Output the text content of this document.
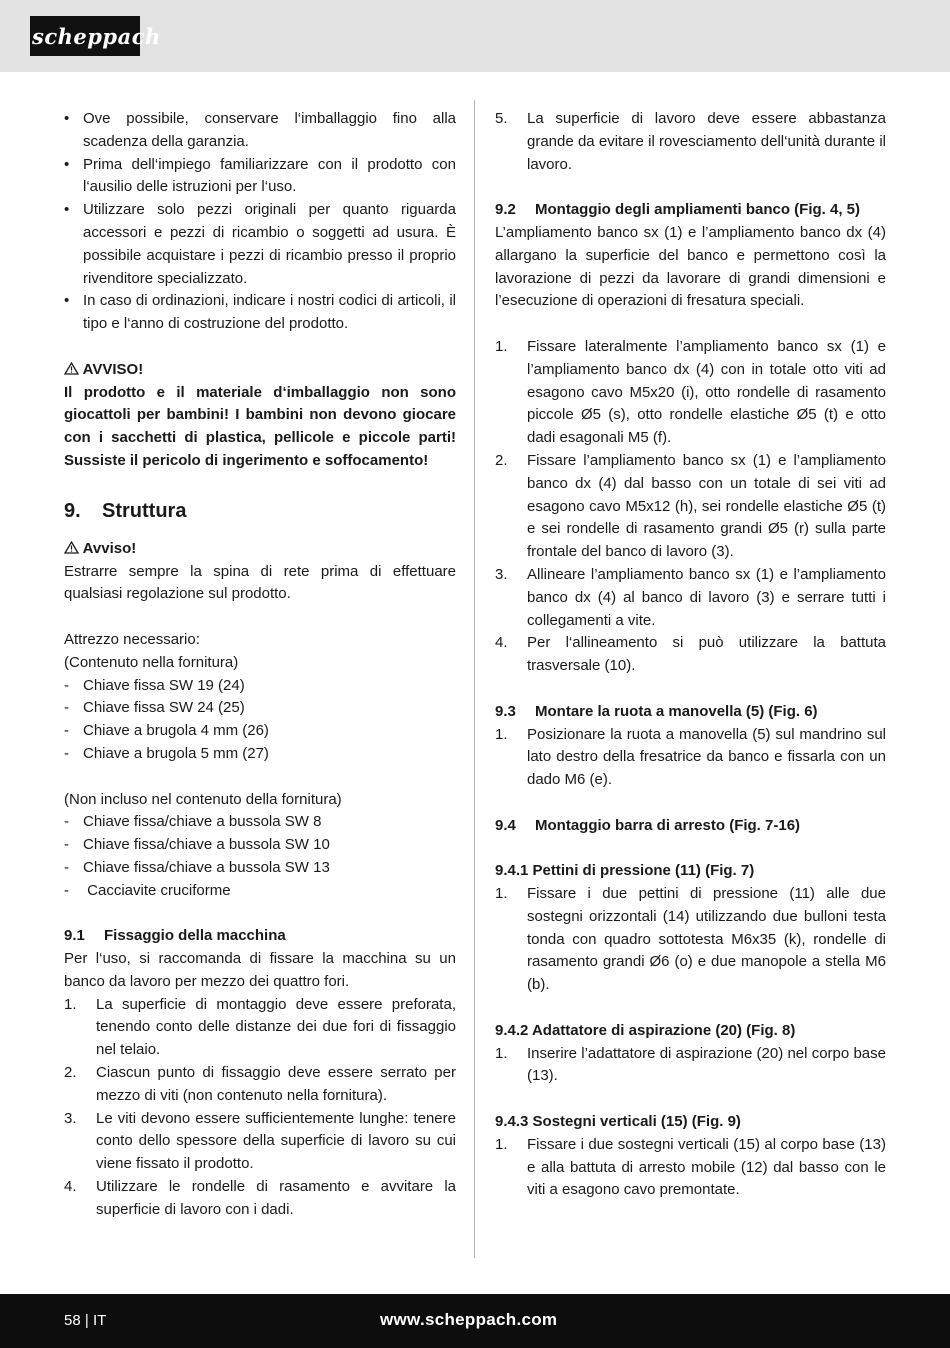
scheppach
• Ove possibile, conservare l‘imballaggio fino alla scadenza della garanzia.
• Prima dell‘impiego familiarizzare con il prodotto con l‘ausilio delle istruzioni per l‘uso.
• Utilizzare solo pezzi originali per quanto riguarda accessori e pezzi di ricambio o soggetti ad usura. È possibile acquistare i pezzi di ricambio presso il proprio rivenditore specializzato.
• In caso di ordinazioni, indicare i nostri codici di articoli, il tipo e l‘anno di costruzione del prodotto.
AVVISO!
Il prodotto e il materiale d‘imballaggio non sono giocattoli per bambini! I bambini non devono giocare con i sacchetti di plastica, pellicole e piccole parti! Sussiste il pericolo di ingerimento e soffocamento!
9.	Struttura
Avviso!
Estrarre sempre la spina di rete prima di effettuare qualsiasi regolazione sul prodotto.
Attrezzo necessario:
(Contenuto nella fornitura)
- Chiave fissa SW 19 (24)
- Chiave fissa SW 24 (25)
- Chiave a brugola 4 mm (26)
- Chiave a brugola 5 mm (27)
(Non incluso nel contenuto della fornitura)
- Chiave fissa/chiave a bussola SW 8
- Chiave fissa/chiave a bussola SW 10
- Chiave fissa/chiave a bussola SW 13
- Cacciavite cruciforme
9.1	Fissaggio della macchina
Per l‘uso, si raccomanda di fissare la macchina su un banco da lavoro per mezzo dei quattro fori.
1.	La superficie di montaggio deve essere preforata, tenendo conto delle distanze dei due fori di fissaggio nel telaio.
2.	Ciascun punto di fissaggio deve essere serrato per mezzo di viti (non contenuto nella fornitura).
3.	Le viti devono essere sufficientemente lunghe: tenere conto dello spessore della superficie di lavoro su cui viene fissato il prodotto.
4.	Utilizzare le rondelle di rasamento e avvitare la superficie di lavoro con i dadi.
5.	La superficie di lavoro deve essere abbastanza grande da evitare il rovesciamento dell‘unità durante il lavoro.
9.2	Montaggio degli ampliamenti banco (Fig. 4, 5)
L’ampliamento banco sx (1) e l’ampliamento banco dx (4) allargano la superficie del banco e permettono così la lavorazione di pezzi da lavorare di grandi dimensioni e l’esecuzione di operazioni di fresatura speciali.
1.	Fissare lateralmente l’ampliamento banco sx (1) e l’ampliamento banco dx (4) con in totale otto viti ad esagono cavo M5x20 (i), otto rondelle di rasamento piccole Ø5 (s), otto rondelle elastiche Ø5 (t) e otto dadi esagonali M5 (f).
2.	Fissare l’ampliamento banco sx (1) e l’ampliamento banco dx (4) dal basso con un totale di sei viti ad esagono cavo M5x12 (h), sei rondelle elastiche Ø5 (t) e sei rondelle di rasamento grandi Ø5 (r) sulla parte frontale del banco di lavoro (3).
3.	Allineare l’ampliamento banco sx (1) e l’ampliamento banco dx (4) al banco di lavoro (3) e serrare tutti i collegamenti a vite.
4.	Per l‘allineamento si può utilizzare la battuta trasversale (10).
9.3	Montare la ruota a manovella (5) (Fig. 6)
1.	Posizionare la ruota a manovella (5) sul mandrino sul lato destro della fresatrice da banco e fissarla con un dado M6 (e).
9.4	Montaggio barra di arresto (Fig. 7-16)
9.4.1 Pettini di pressione (11) (Fig. 7)
1.	Fissare i due pettini di pressione (11) alle due sostegni orizzontali (14) utilizzando due bulloni testa tonda con quadro sottotesta M6x35 (k), rondelle di rasamento grandi Ø6 (o) e due manopole a stella M6 (b).
9.4.2 Adattatore di aspirazione (20) (Fig. 8)
1.	Inserire l’adattatore di aspirazione (20) nel corpo base (13).
9.4.3 Sostegni verticali (15) (Fig. 9)
1.	Fissare i due sostegni verticali (15) al corpo base (13) e alla battuta di arresto mobile (12) dal basso con le viti a esagono cavo premontate.
58 | IT	www.scheppach.com
